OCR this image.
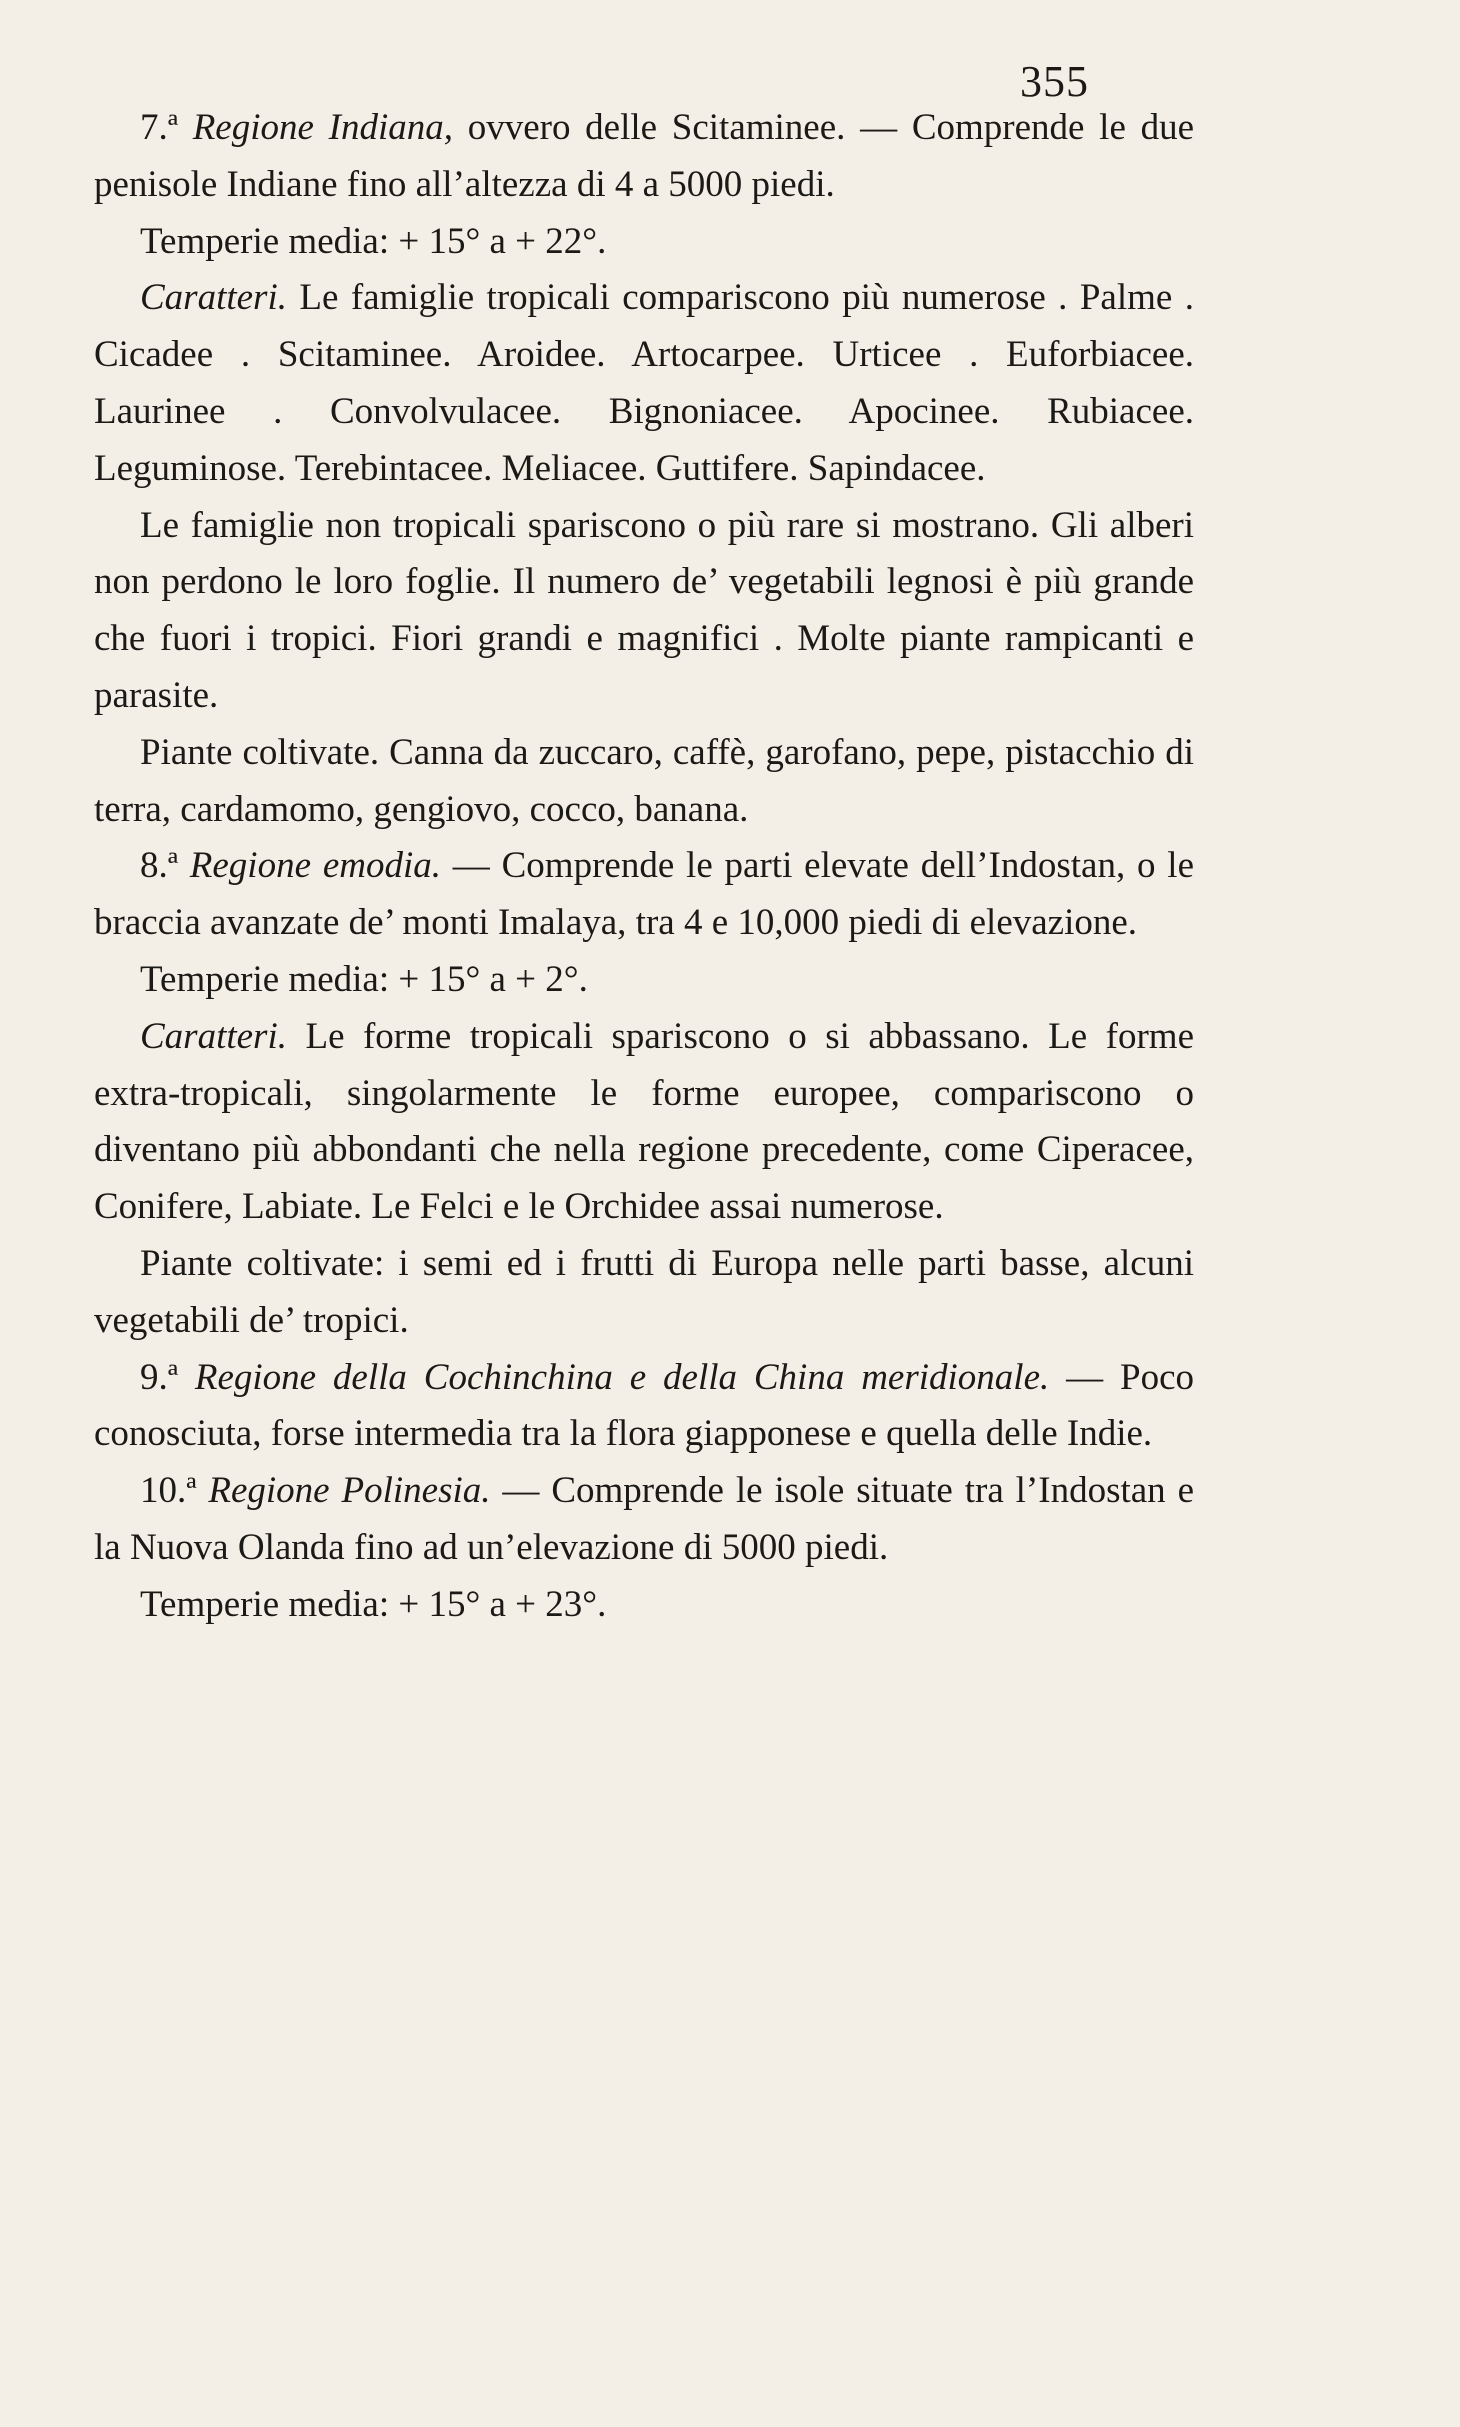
355

7.ª Regione Indiana, ovvero delle Scitaminee. — Comprende le due penisole Indiane fino all’altezza di 4 a 5000 piedi.

Temperie media: + 15° a + 22°.

Caratteri. Le famiglie tropicali compariscono più numerose . Palme . Cicadee . Scitaminee. Aroidee. Artocarpee. Urticee . Euforbiacee. Laurinee . Convolvulacee. Bignoniacee. Apocinee. Rubiacee. Leguminose. Terebintacee. Meliacee. Guttifere. Sapindacee.

Le famiglie non tropicali spariscono o più rare si mostrano. Gli alberi non perdono le loro foglie. Il numero de’ vegetabili legnosi è più grande che fuori i tropici. Fiori grandi e magnifici . Molte piante rampicanti e parasite.

Piante coltivate. Canna da zuccaro, caffè, garofano, pepe, pistacchio di terra, cardamomo, gengiovo, cocco, banana.

8.ª Regione emodia. — Comprende le parti elevate dell’Indostan, o le braccia avanzate de’ monti Imalaya, tra 4 e 10,000 piedi di elevazione.

Temperie media: + 15° a + 2°.

Caratteri. Le forme tropicali spariscono o si abbassano. Le forme extra-tropicali, singolarmente le forme europee, compariscono o diventano più abbondanti che nella regione precedente, come Ciperacee, Conifere, Labiate. Le Felci e le Orchidee assai numerose.

Piante coltivate: i semi ed i frutti di Europa nelle parti basse, alcuni vegetabili de’ tropici.

9.ª Regione della Cochinchina e della China meridionale. — Poco conosciuta, forse intermedia tra la flora giapponese e quella delle Indie.

10.ª Regione Polinesia. — Comprende le isole situate tra l’Indostan e la Nuova Olanda fino ad un’elevazione di 5000 piedi.

Temperie media: + 15° a + 23°.
